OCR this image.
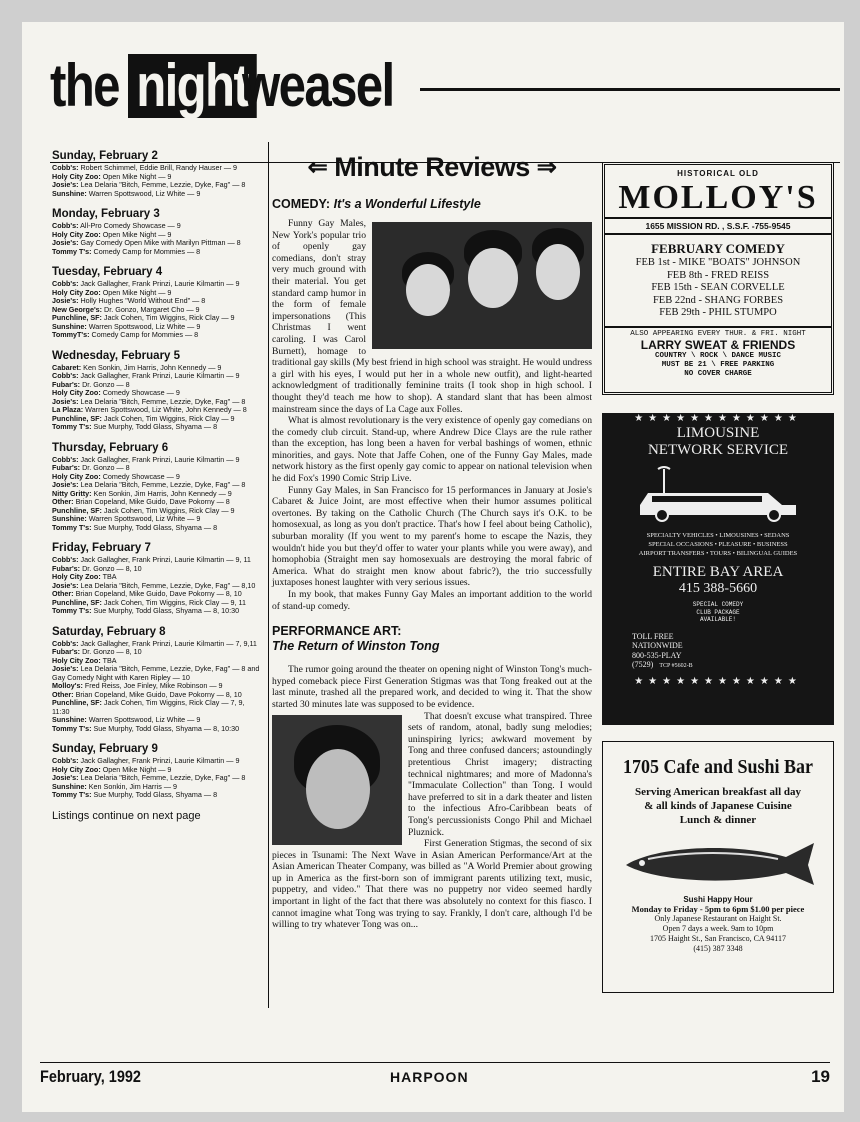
the night
weasel
Sunday, February 2
Cobb's: Robert Schimmel, Eddie Brill, Randy Hauser — 9
Holy City Zoo: Open Mike Night — 9
Josie's: Lea Delaria "Bitch, Femme, Lezzie, Dyke, Fag" — 8
Sunshine: Warren Spottswood, Liz White — 9
Monday, February 3
Cobb's: All-Pro Comedy Showcase — 9
Holy City Zoo: Open Mike Night — 9
Josie's: Gay Comedy Open Mike with Marilyn Pittman — 8
Tommy T's: Comedy Camp for Mommies — 8
Tuesday, February 4
Cobb's: Jack Gallagher, Frank Prinzi, Laurie Kilmartin — 9
Holy City Zoo: Open Mike Night — 9
Josie's: Holly Hughes "World Without End" — 8
New George's: Dr. Gonzo, Margaret Cho — 9
Punchline, SF: Jack Cohen, Tim Wiggins, Rick Clay — 9
Sunshine: Warren Spottswood, Liz White — 9
TommyT's: Comedy Camp for Mommies — 8
Wednesday, February 5
Cabaret: Ken Sonkin, Jim Harris, John Kennedy — 9
Cobb's: Jack Gallagher, Frank Prinzi, Laurie Kilmartin — 9
Fubar's: Dr. Gonzo — 8
Holy City Zoo: Comedy Showcase — 9
Josie's: Lea Delaria "Bitch, Femme, Lezzie, Dyke, Fag" — 8
La Plaza: Warren Spottswood, Liz White, John Kennedy — 8
Punchline, SF: Jack Cohen, Tim Wiggins, Rick Clay — 9
Tommy T's: Sue Murphy, Todd Glass, Shyama — 8
Thursday, February 6
Cobb's: Jack Gallagher, Frank Prinzi, Laurie Kilmartin — 9
Fubar's: Dr. Gonzo — 8
Holy City Zoo: Comedy Showcase — 9
Josie's: Lea Delaria "Bitch, Femme, Lezzie, Dyke, Fag" — 8
Nitty Gritty: Ken Sonkin, Jim Harris, John Kennedy — 9
Other: Brian Copeland, Mike Guido, Dave Pokorny — 8
Punchline, SF: Jack Cohen, Tim Wiggins, Rick Clay — 9
Sunshine: Warren Spottswood, Liz White — 9
Tommy T's: Sue Murphy, Todd Glass, Shyama — 8
Friday, February 7
Cobb's: Jack Gallagher, Frank Prinzi, Laurie Kilmartin — 9, 11
Fubar's: Dr. Gonzo — 8, 10
Holy City Zoo: TBA
Josie's: Lea Delaria "Bitch, Femme, Lezzie, Dyke, Fag" — 8,10
Other: Brian Copeland, Mike Guido, Dave Pokorny — 8, 10
Punchline, SF: Jack Cohen, Tim Wiggins, Rick Clay — 9, 11
Tommy T's: Sue Murphy, Todd Glass, Shyama — 8, 10:30
Saturday, February 8
Cobb's: Jack Gallagher, Frank Prinzi, Laurie Kilmartin — 7, 9,11
Fubar's: Dr. Gonzo — 8, 10
Holy City Zoo: TBA
Josie's: Lea Delaria "Bitch, Femme, Lezzie, Dyke, Fag" — 8 and Gay Comedy Night with Karen Ripley — 10
Molloy's: Fred Reiss, Joe Finley, Mike Robinson — 9
Other: Brian Copeland, Mike Guido, Dave Pokorny — 8, 10
Punchline, SF: Jack Cohen, Tim Wiggins, Rick Clay — 7, 9, 11:30
Sunshine: Warren Spottswood, Liz White — 9
Tommy T's: Sue Murphy, Todd Glass, Shyama — 8, 10:30
Sunday, February 9
Cobb's: Jack Gallagher, Frank Prinzi, Laurie Kilmartin — 9
Holy City Zoo: Open Mike Night — 9
Josie's: Lea Delaria "Bitch, Femme, Lezzie, Dyke, Fag" — 8
Sunshine: Ken Sonkin, Jim Harris — 9
Tommy T's: Sue Murphy, Todd Glass, Shyama — 8
Listings continue on next page
⇐ Minute Reviews ⇒
COMEDY: It's a Wonderful Lifestyle

Funny Gay Males, New York's popular trio of openly gay comedians, don't stray very much ground with their material. You get standard camp humor in the form of female impersonations (This Christmas I went caroling. I was Carol Burnett), homage to traditional gay skills (My best friend in high school was straight. He would undress a girl with his eyes, I would put her in a whole new outfit), and light-hearted acknowledgment of traditionally feminine traits (I took shop in high school. I thought they'd teach me how to shop). A standard slant that has been almost mainstream since the days of La Cage aux Folles.

What is almost revolutionary is the very existence of openly gay comedians on the comedy club circuit. Stand-up, where Andrew Dice Clays are the rule rather than the exception, has long been a haven for verbal bashings of women, ethnic minorities, and gays. Note that Jaffe Cohen, one of the Funny Gay Males, made network history as the first openly gay comic to appear on national television when he did Fox's 1990 Comic Strip Live.

Funny Gay Males, in San Francisco for 15 performances in January at Josie's Cabaret & Juice Joint, are most effective when their humor assumes political overtones. By taking on the Catholic Church (The Church says it's O.K. to be homosexual, as long as you don't practice. That's how I feel about being Catholic), suburban morality (If you went to my parent's home to escape the Nazis, they wouldn't hide you but they'd offer to water your plants while you were away), and homophobia (Straight men say homosexuals are destroying the moral fabric of America. What do straight men know about fabric?), the trio successfully juxtaposes honest laughter with very serious issues.

In my book, that makes Funny Gay Males an important addition to the world of stand-up comedy.

PERFORMANCE ART:
The Return of Winston Tong

The rumor going around the theater on opening night of Winston Tong's much-hyped comeback piece First Generation Stigmas was that Tong freaked out at the last minute, trashed all the prepared work, and decided to wing it. That the show started 30 minutes late was supposed to be evidence.

That doesn't excuse what transpired. Three sets of random, atonal, badly sung melodies; uninspiring lyrics; awkward movement by Tong and three confused dancers; astoundingly pretentious Christ imagery; distracting technical nightmares; and more of Madonna's "Immaculate Collection" than Tong. I would have preferred to sit in a dark theater and listen to the infectious Afro-Caribbean beats of Tong's percussionists Congo Phil and Michael Pluznick.

First Generation Stigmas, the second of six pieces in Tsunami: The Next Wave in Asian American Performance/Art at the Asian American Theater Company, was billed as "A World Premier about growing up in America as the first-born son of immigrant parents utilizing text, music, puppetry, and video." That there was no puppetry nor video seemed hardly important in light of the fact that there was absolutely no context for this fiasco. I cannot imagine what Tong was trying to say. Frankly, I don't care, although I'd be willing to try whatever Tong was on...

HISTORICAL OLD
MOLLOY'S
1655 MISSION RD. , S.S.F. -755-9545
FEBRUARY COMEDY
FEB 1st - MIKE "BOATS" JOHNSON
FEB 8th - FRED REISS
FEB 15th - SEAN CORVELLE
FEB 22nd - SHANG FORBES
FEB 29th - PHIL STUMPO
ALSO APPEARING EVERY THUR. & FRI. NIGHT
LARRY SWEAT & FRIENDS
COUNTRY \ ROCK \ DANCE MUSIC
MUST BE 21 \ FREE PARKING
NO COVER CHARGE
★★★★★★★★★★★★
LIMOUSINE
NETWORK SERVICE
SPECIALTY VEHICLES • LIMOUSINES • SEDANS
SPECIAL OCCASIONS • PLEASURE • BUSINESS
AIRPORT TRANSFERS • TOURS • BILINGUAL GUIDES
ENTIRE BAY AREA
415 388-5660
SPECIAL COMEDY
CLUB PACKAGE
AVAILABLE!
TOLL FREE
NATIONWIDE
800-535-PLAY
(7529) TCP #5602-B
★★★★★★★★★★★★
1705 Cafe and Sushi Bar
Serving American breakfast all day
& all kinds of Japanese Cuisine
Lunch & dinner
Sushi Happy Hour
Monday to Friday - 5pm to 6pm $1.00 per piece
Only Japanese Restaurant on Haight St.
Open 7 days a week. 9am to 10pm
1705 Haight St., San Francisco, CA 94117
(415) 387 3348
February, 1992	HARPOON	19
